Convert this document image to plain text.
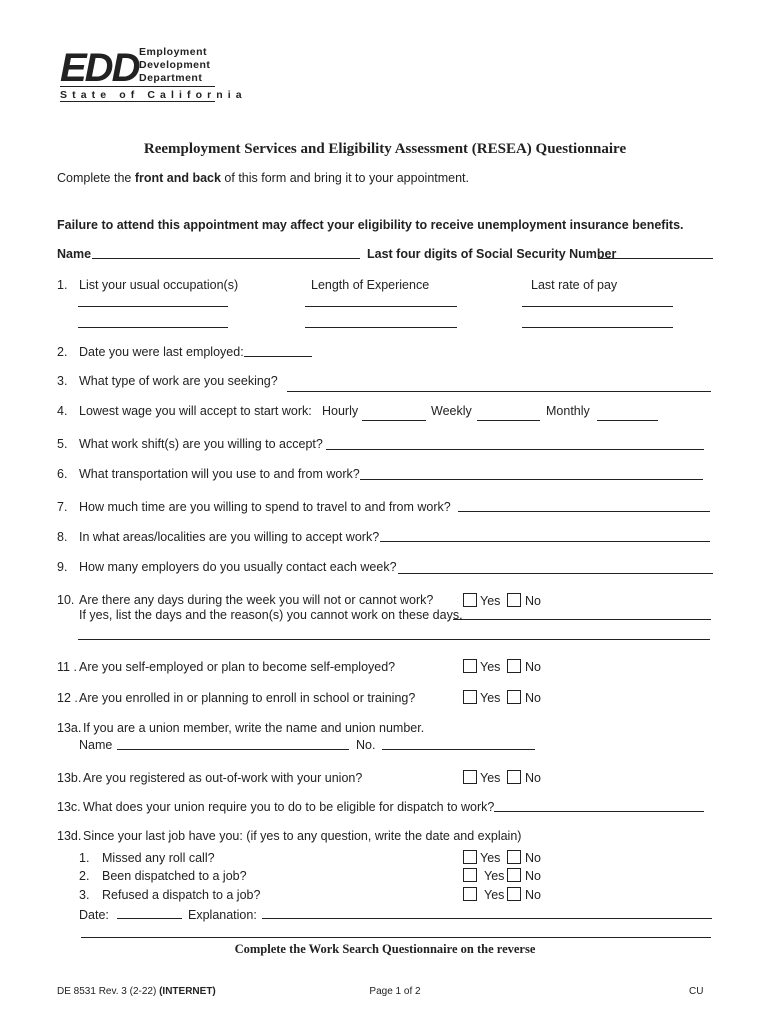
EDD Employment
Development
Department
State of California
Reemployment Services and Eligibility Assessment (RESEA) Questionnaire
Complete the front and back of this form and bring it to your appointment.
Failure to attend this appointment may affect your eligibility to receive unemployment insurance benefits.
Name	Last four digits of Social Security Number
1. List your usual occupation(s)	Length of Experience	Last rate of pay
2. Date you were last employed:
3. What type of work are you seeking?
4. Lowest wage you will accept to start work: Hourly	Weekly	Monthly
5. What work shift(s) are you willing to accept?
6. What transportation will you use to and from work?
7. How much time are you willing to spend to travel to and from work?
8. In what areas/localities are you willing to accept work?
9. How many employers do you usually contact each week?
10. Are there any days during the week you will not or cannot work?	Yes No
If yes, list the days and the reason(s) you cannot work on these days.
11 . Are you self-employed or plan to become self-employed?	Yes No
12 . Are you enrolled in or planning to enroll in school or training?	Yes No
13a. If you are a union member, write the name and union number.
Name	No.
13b. Are you registered as out-of-work with your union?	Yes No
13c. What does your union require you to do to be eligible for dispatch to work?
13d. Since your last job have you: (if yes to any question, write the date and explain)
1. Missed any roll call?	Yes No
2. Been dispatched to a job?	Yes No
3. Refused a dispatch to a job?	Yes No
Date:	Explanation:
Complete the Work Search Questionnaire on the reverse
DE 8531 Rev. 3 (2-22) (INTERNET)	Page 1 of 2	CU
